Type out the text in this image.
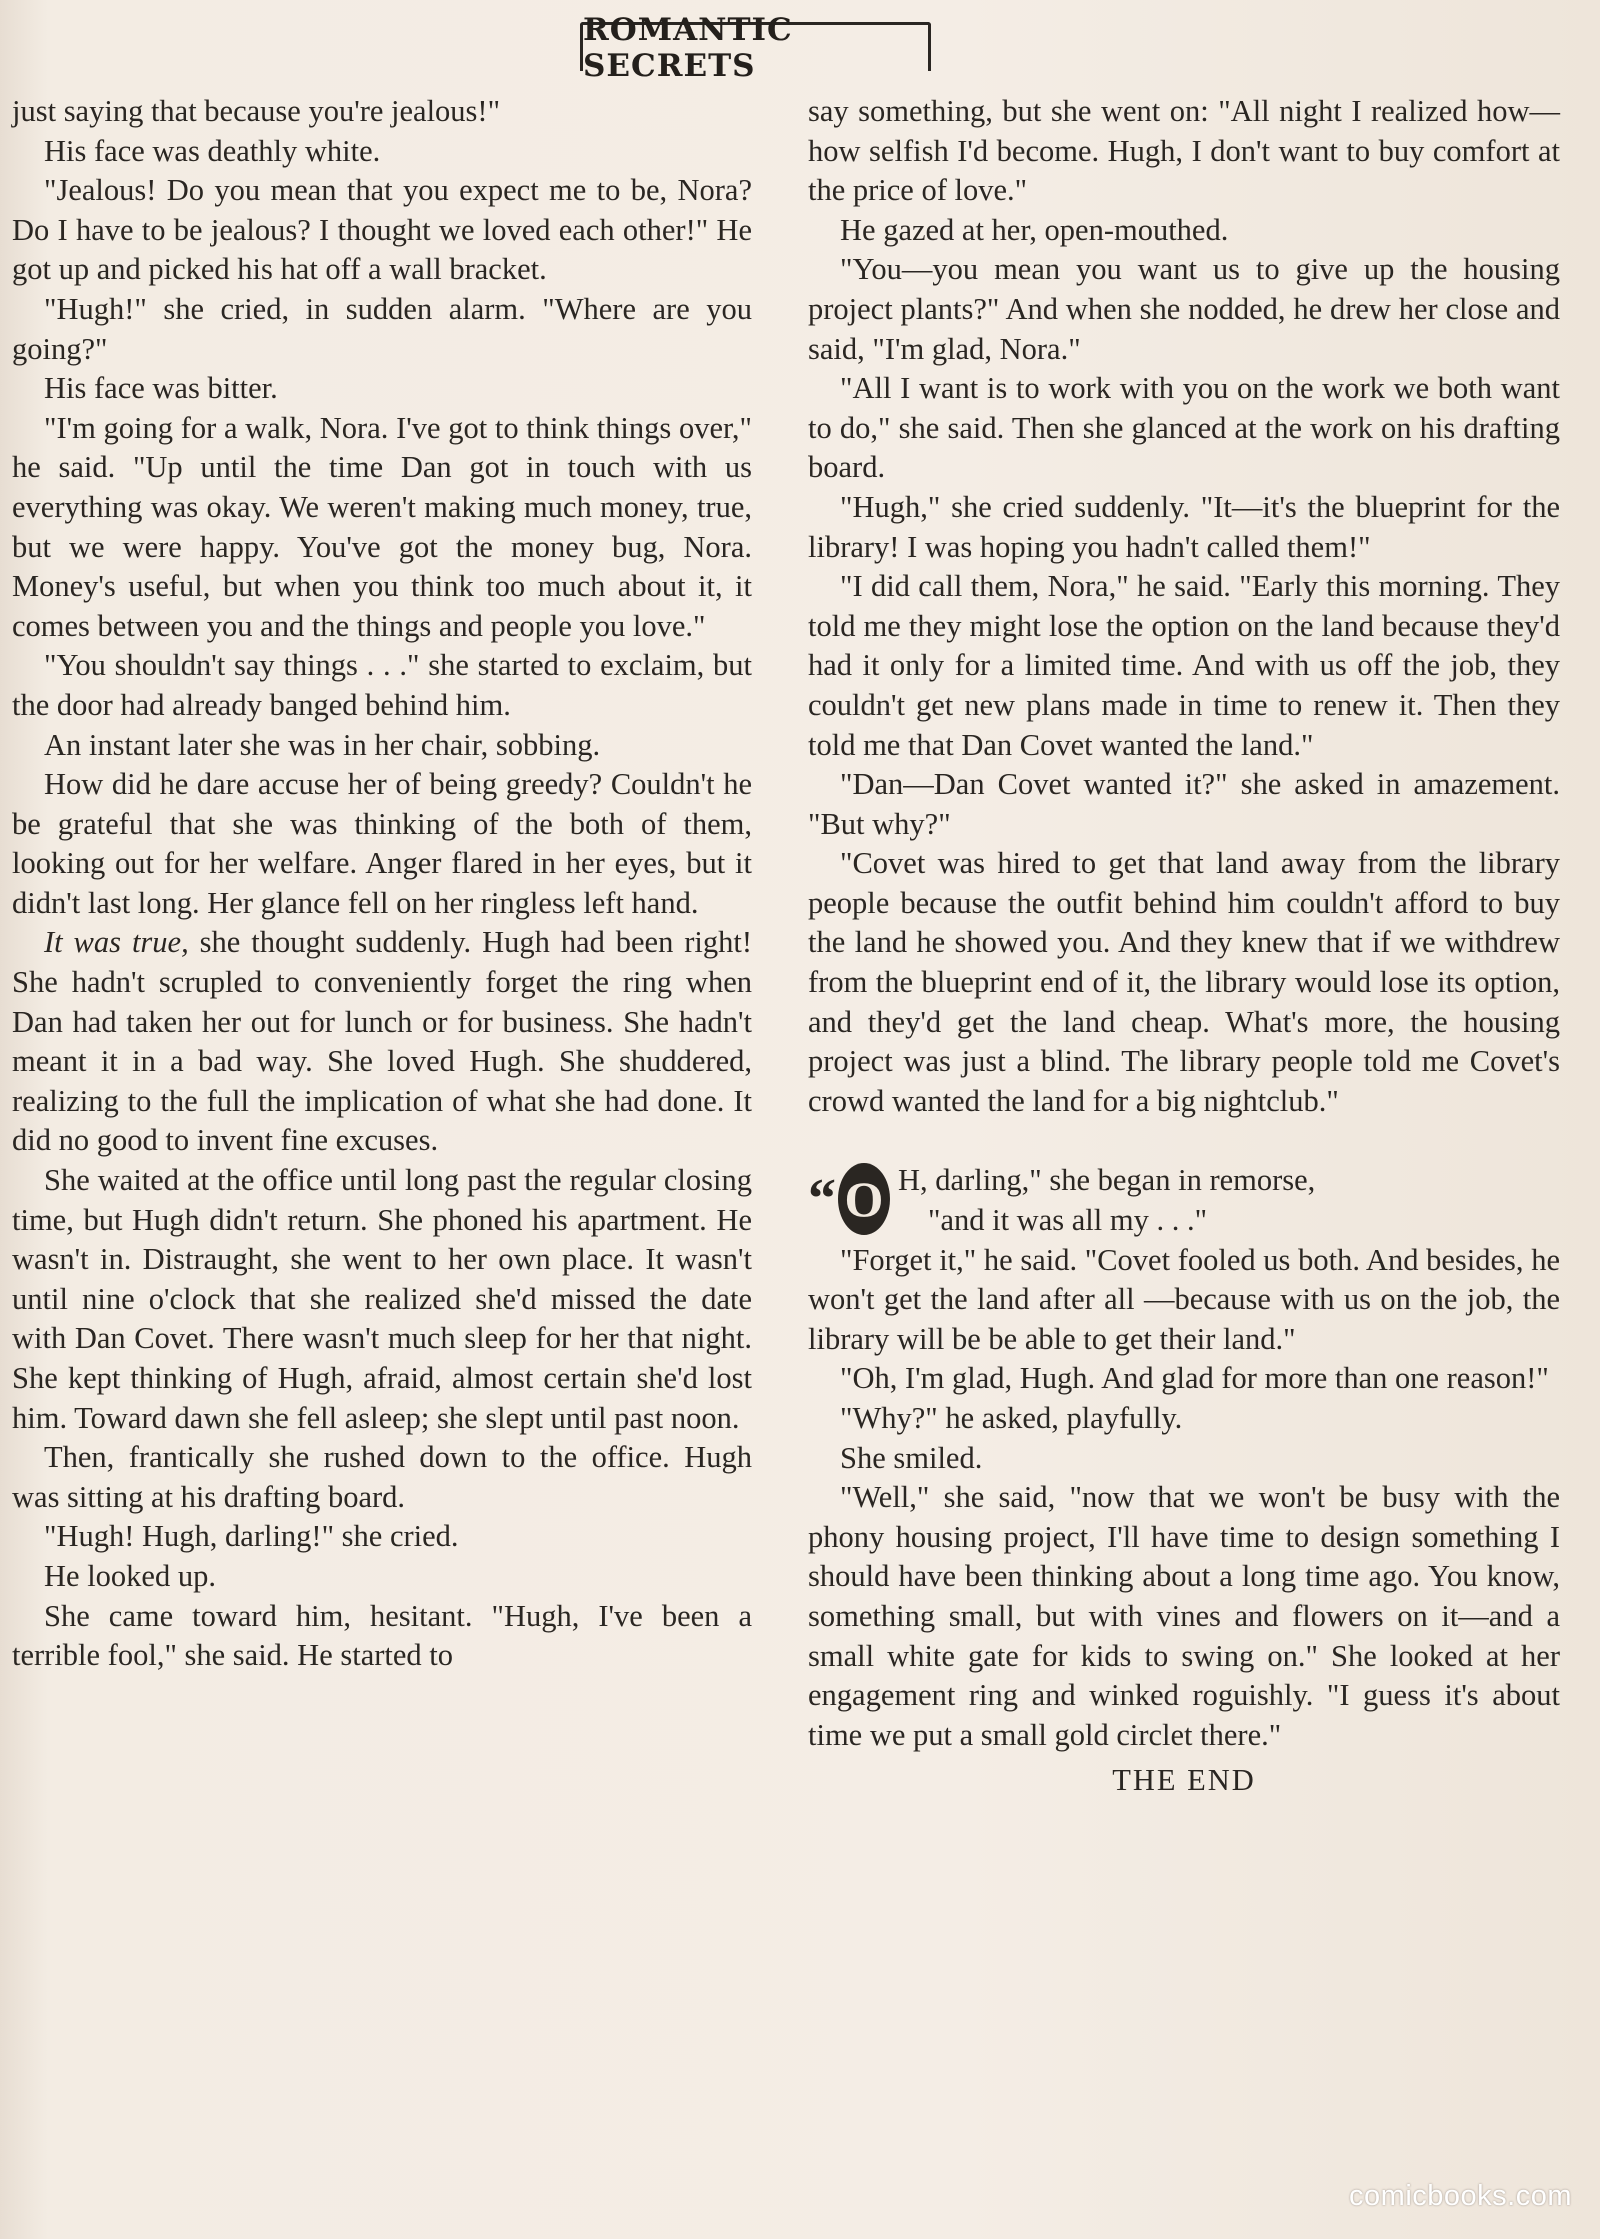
ROMANTIC SECRETS

just saying that because you're jealous!"

His face was deathly white.

"Jealous! Do you mean that you expect me to be, Nora? Do I have to be jealous? I thought we loved each other!" He got up and picked his hat off a wall bracket.

"Hugh!" she cried, in sudden alarm. "Where are you going?"

His face was bitter.

"I'm going for a walk, Nora. I've got to think things over," he said. "Up until the time Dan got in touch with us everything was okay. We weren't making much money, true, but we were happy. You've got the money bug, Nora. Money's useful, but when you think too much about it, it comes between you and the things and people you love."

"You shouldn't say things . . ." she started to exclaim, but the door had already banged behind him.

An instant later she was in her chair, sobbing.

How did he dare accuse her of being greedy? Couldn't he be grateful that she was thinking of the both of them, looking out for her welfare. Anger flared in her eyes, but it didn't last long. Her glance fell on her ringless left hand.

It was true, she thought suddenly. Hugh had been right! She hadn't scrupled to conveniently forget the ring when Dan had taken her out for lunch or for business. She hadn't meant it in a bad way. She loved Hugh. She shuddered, realizing to the full the implication of what she had done. It did no good to invent fine excuses.

She waited at the office until long past the regular closing time, but Hugh didn't return. She phoned his apartment. He wasn't in. Distraught, she went to her own place. It wasn't until nine o'clock that she realized she'd missed the date with Dan Covet. There wasn't much sleep for her that night. She kept thinking of Hugh, afraid, almost certain she'd lost him. Toward dawn she fell asleep; she slept until past noon.

Then, frantically she rushed down to the office. Hugh was sitting at his drafting board.

"Hugh! Hugh, darling!" she cried.

He looked up.

She came toward him, hesitant. "Hugh, I've been a terrible fool," she said. He started to

say something, but she went on: "All night I realized how—how selfish I'd become. Hugh, I don't want to buy comfort at the price of love."

He gazed at her, open-mouthed.

"You—you mean you want us to give up the housing project plants?" And when she nodded, he drew her close and said, "I'm glad, Nora."

"All I want is to work with you on the work we both want to do," she said. Then she glanced at the work on his drafting board.

"Hugh," she cried suddenly. "It—it's the blueprint for the library! I was hoping you hadn't called them!"

"I did call them, Nora," he said. "Early this morning. They told me they might lose the option on the land because they'd had it only for a limited time. And with us off the job, they couldn't get new plans made in time to renew it. Then they told me that Dan Covet wanted the land."

"Dan—Dan Covet wanted it?" she asked in amazement. "But why?"

"Covet was hired to get that land away from the library people because the outfit behind him couldn't afford to buy the land he showed you. And they knew that if we withdrew from the blueprint end of it, the library would lose its option, and they'd get the land cheap. What's more, the housing project was just a blind. The library people told me Covet's crowd wanted the land for a big nightclub."

“ O H, darling," she began in remorse,
"and it was all my . . ."

"Forget it," he said. "Covet fooled us both. And besides, he won't get the land after all —because with us on the job, the library will be be able to get their land."

"Oh, I'm glad, Hugh. And glad for more than one reason!"

"Why?" he asked, playfully.

She smiled.

"Well," she said, "now that we won't be busy with the phony housing project, I'll have time to design something I should have been thinking about a long time ago. You know, something small, but with vines and flowers on it—and a small white gate for kids to swing on." She looked at her engagement ring and winked roguishly. "I guess it's about time we put a small gold circlet there."

THE END

comicbooks.com
